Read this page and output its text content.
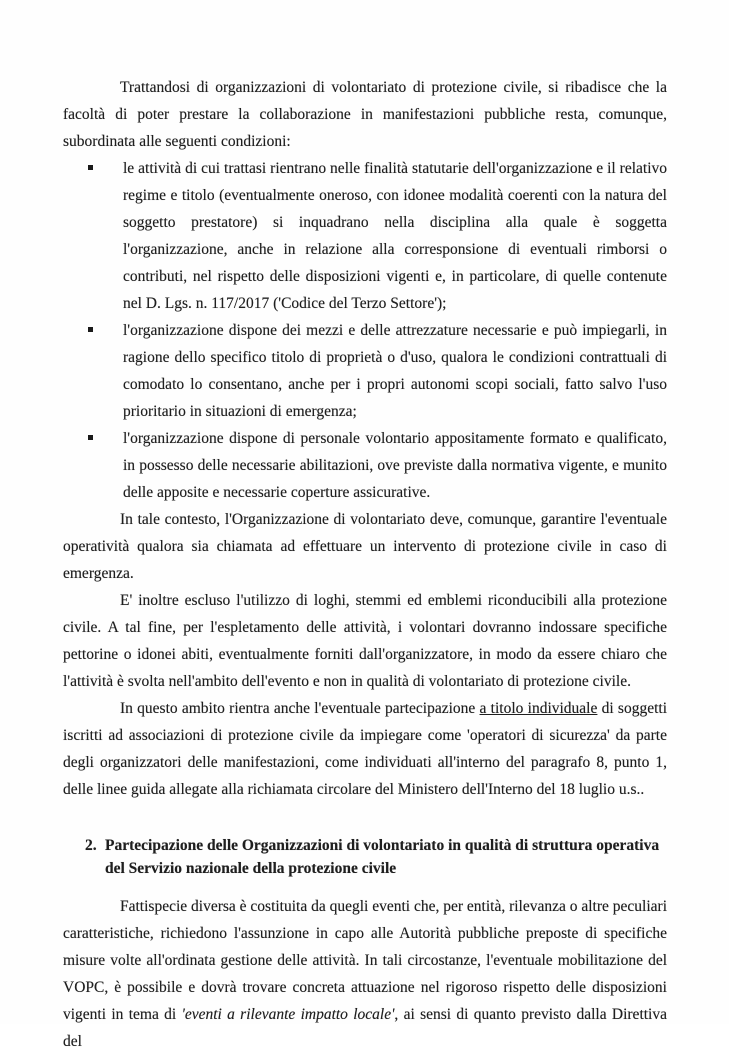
Trattandosi di organizzazioni di volontariato di protezione civile, si ribadisce che la facoltà di poter prestare la collaborazione in manifestazioni pubbliche resta, comunque, subordinata alle seguenti condizioni:

le attività di cui trattasi rientrano nelle finalità statutarie dell'organizzazione e il relativo regime e titolo (eventualmente oneroso, con idonee modalità coerenti con la natura del soggetto prestatore) si inquadrano nella disciplina alla quale è soggetta l'organizzazione, anche in relazione alla corresponsione di eventuali rimborsi o contributi, nel rispetto delle disposizioni vigenti e, in particolare, di quelle contenute nel D. Lgs. n. 117/2017 ('Codice del Terzo Settore');

l'organizzazione dispone dei mezzi e delle attrezzature necessarie e può impiegarli, in ragione dello specifico titolo di proprietà o d'uso, qualora le condizioni contrattuali di comodato lo consentano, anche per i propri autonomi scopi sociali, fatto salvo l'uso prioritario in situazioni di emergenza;

l'organizzazione dispone di personale volontario appositamente formato e qualificato, in possesso delle necessarie abilitazioni, ove previste dalla normativa vigente, e munito delle apposite e necessarie coperture assicurative.

In tale contesto, l'Organizzazione di volontariato deve, comunque, garantire l'eventuale operatività qualora sia chiamata ad effettuare un intervento di protezione civile in caso di emergenza.

E' inoltre escluso l'utilizzo di loghi, stemmi ed emblemi riconducibili alla protezione civile. A tal fine, per l'espletamento delle attività, i volontari dovranno indossare specifiche pettorine o idonei abiti, eventualmente forniti dall'organizzatore, in modo da essere chiaro che l'attività è svolta nell'ambito dell'evento e non in qualità di volontariato di protezione civile.

In questo ambito rientra anche l'eventuale partecipazione a titolo individuale di soggetti iscritti ad associazioni di protezione civile da impiegare come 'operatori di sicurezza' da parte degli organizzatori delle manifestazioni, come individuati all'interno del paragrafo 8, punto 1, delle linee guida allegate alla richiamata circolare del Ministero dell'Interno del 18 luglio u.s..

2. Partecipazione delle Organizzazioni di volontariato in qualità di struttura operativa del Servizio nazionale della protezione civile

Fattispecie diversa è costituita da quegli eventi che, per entità, rilevanza o altre peculiari caratteristiche, richiedono l'assunzione in capo alle Autorità pubbliche preposte di specifiche misure volte all'ordinata gestione delle attività. In tali circostanze, l'eventuale mobilitazione del VOPC, è possibile e dovrà trovare concreta attuazione nel rigoroso rispetto delle disposizioni vigenti in tema di 'eventi a rilevante impatto locale', ai sensi di quanto previsto dalla Direttiva del
